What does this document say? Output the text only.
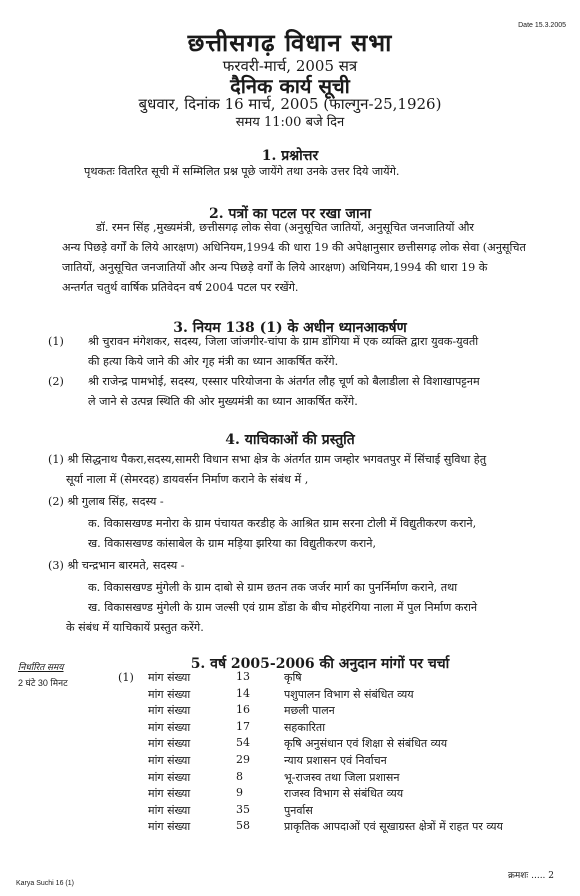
Date 15.3.2005
छत्तीसगढ़ विधान सभा
फरवरी-मार्च, 2005 सत्र
दैनिक कार्य सूची
बुधवार, दिनांक 16 मार्च, 2005 (फाल्गुन-25,1926)
समय 11:00 बजे दिन
1. प्रश्नोत्तर
पृथकतः वितरित सूची में सम्मिलित प्रश्न पूछे जायेंगे तथा उनके उत्तर दिये जायेंगे.
2. पत्रों का पटल पर रखा जाना
डॉ. रमन सिंह ,मुख्यमंत्री, छत्तीसगढ़ लोक सेवा (अनुसूचित जातियों, अनुसूचित जनजातियों और
अन्य पिछड़े वर्गों के लिये आरक्षण) अधिनियम,1994 की धारा 19 की अपेक्षानुसार छत्तीसगढ़ लोक सेवा (अनुसूचित
जातियों, अनुसूचित जनजातियों और अन्य पिछड़े वर्गों के लिये आरक्षण) अधिनियम,1994 की धारा 19 के
अन्तर्गत चतुर्थ वार्षिक प्रतिवेदन वर्ष 2004 पटल पर रखेंगे.
3. नियम 138 (1) के अधीन ध्यानआकर्षण
(1) श्री चुरावन मंगेशकर, सदस्य, जिला जांजगीर-चांपा के ग्राम डोंगिया में एक व्यक्ति द्वारा युवक-युवती
की हत्या किये जाने की ओर गृह मंत्री का ध्यान आकर्षित करेंगे.
(2) श्री राजेन्द्र पामभोई, सदस्य, एस्सार परियोजना के अंतर्गत लौह चूर्ण को बैलाडीला से विशाखापट्टनम
ले जाने से उत्पन्न स्थिति की ओर मुख्यमंत्री का ध्यान आकर्षित करेंगे.
4. याचिकाओं की प्रस्तुति
(1) श्री सिद्धनाथ पैकरा,सदस्य,सामरी विधान सभा क्षेत्र के अंतर्गत ग्राम जम्होर भगवतपुर में सिंचाई सुविधा हेतु
सूर्या नाला में (सेमरदह) डायवर्सन निर्माण कराने के संबंध में ,
(2) श्री गुलाब सिंह, सदस्य -
क. विकासखण्ड मनोरा के ग्राम पंचायत करडीह के आश्रित ग्राम सरना टोली में विद्युतीकरण कराने,
ख. विकासखण्ड कांसाबेल के ग्राम मड़िया झरिया का विद्युतीकरण कराने,
(3) श्री चन्द्रभान बारमते, सदस्य -
क. विकासखण्ड मुंगेली के ग्राम दाबो से ग्राम छतन तक जर्जर मार्ग का पुनर्निर्माण कराने, तथा
ख. विकासखण्ड मुंगेली के ग्राम जल्सी एवं ग्राम डोंडा के बीच मोहरंगिया नाला में पुल निर्माण कराने
के संबंध में याचिकायें प्रस्तुत करेंगे.
5. वर्ष 2005-2006 की अनुदान मांगों पर चर्चा
निर्धारित समय
2 घंटे 30 मिनट	(1) मांग संख्या	13	कृषि
मांग संख्या	14	पशुपालन विभाग से संबंधित व्यय
मांग संख्या	16	मछली पालन
मांग संख्या	17	सहकारिता
मांग संख्या	54	कृषि अनुसंधान एवं शिक्षा से संबंधित व्यय
मांग संख्या	29	न्याय प्रशासन एवं निर्वाचन
मांग संख्या	8	भू-राजस्व तथा जिला प्रशासन
मांग संख्या	9	राजस्व विभाग से संबंधित व्यय
मांग संख्या	35	पुनर्वास
मांग संख्या	58	प्राकृतिक आपदाओं एवं सूखाग्रस्त क्षेत्रों में राहत पर व्यय
Karya Suchi 16 (1)
क्रमशः ..... 2
